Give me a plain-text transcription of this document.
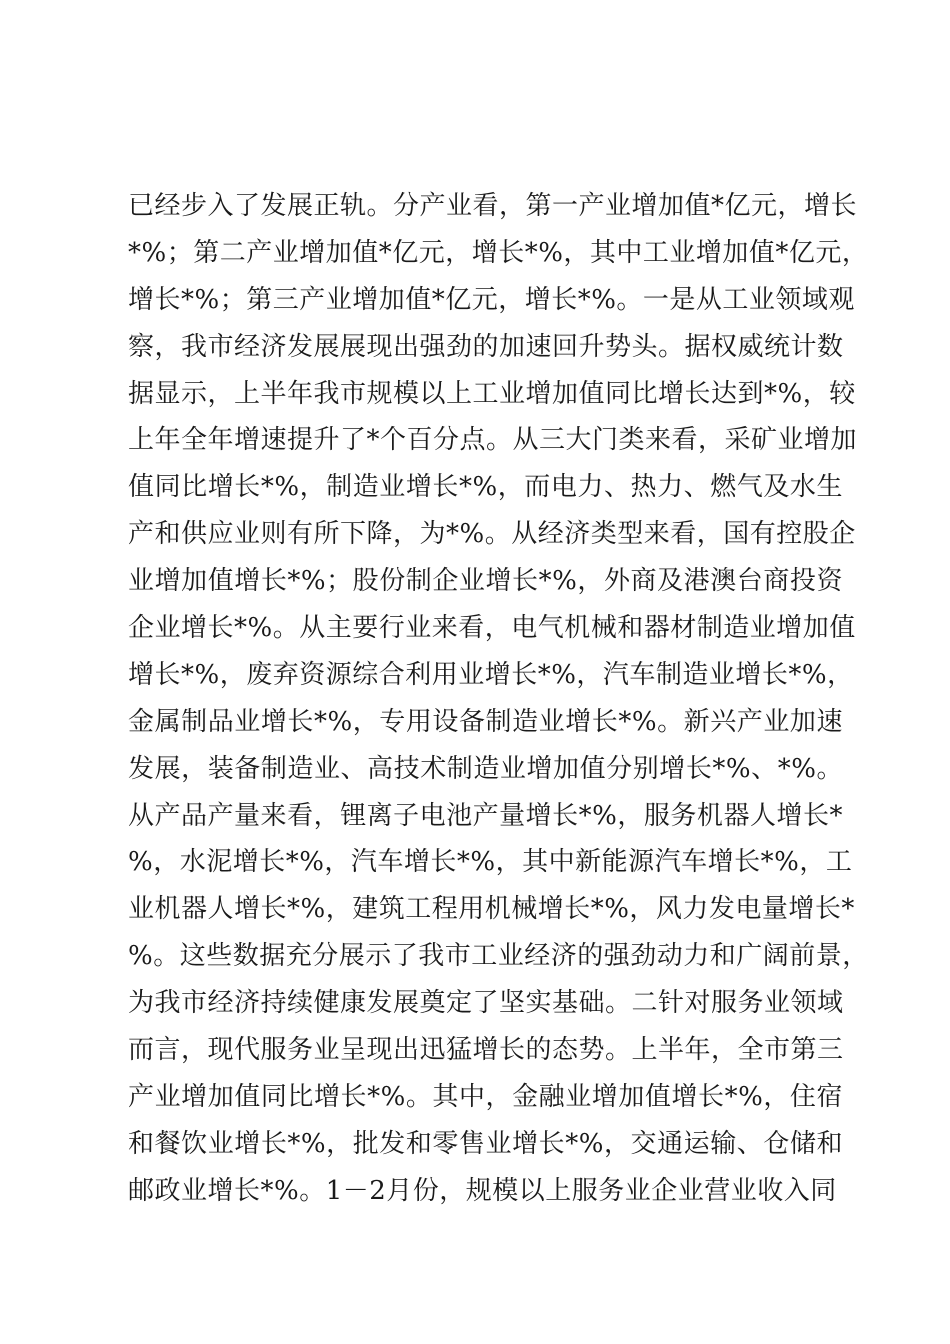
已经步入了发展正轨。分产业看，第一产业增加值*亿元，增长
*%；第二产业增加值*亿元，增长*%，其中工业增加值*亿元，
增长*%；第三产业增加值*亿元，增长*%。一是从工业领域观
察，我市经济发展展现出强劲的加速回升势头。据权威统计数
据显示，上半年我市规模以上工业增加值同比增长达到*%，较
上年全年增速提升了*个百分点。从三大门类来看，采矿业增加
值同比增长*%，制造业增长*%，而电力、热力、燃气及水生
产和供应业则有所下降，为*%。从经济类型来看，国有控股企
业增加值增长*%；股份制企业增长*%，外商及港澳台商投资
企业增长*%。从主要行业来看，电气机械和器材制造业增加值
增长*%，废弃资源综合利用业增长*%，汽车制造业增长*%，
金属制品业增长*%，专用设备制造业增长*%。新兴产业加速
发展，装备制造业、高技术制造业增加值分别增长*%、*%。
从产品产量来看，锂离子电池产量增长*%，服务机器人增长*
%，水泥增长*%，汽车增长*%，其中新能源汽车增长*%，工
业机器人增长*%，建筑工程用机械增长*%，风力发电量增长*
%。这些数据充分展示了我市工业经济的强劲动力和广阔前景，
为我市经济持续健康发展奠定了坚实基础。二针对服务业领域
而言，现代服务业呈现出迅猛增长的态势。上半年，全市第三
产业增加值同比增长*%。其中，金融业增加值增长*%，住宿
和餐饮业增长*%，批发和零售业增长*%，交通运输、仓储和
邮政业增长*%。1－2月份，规模以上服务业企业营业收入同
